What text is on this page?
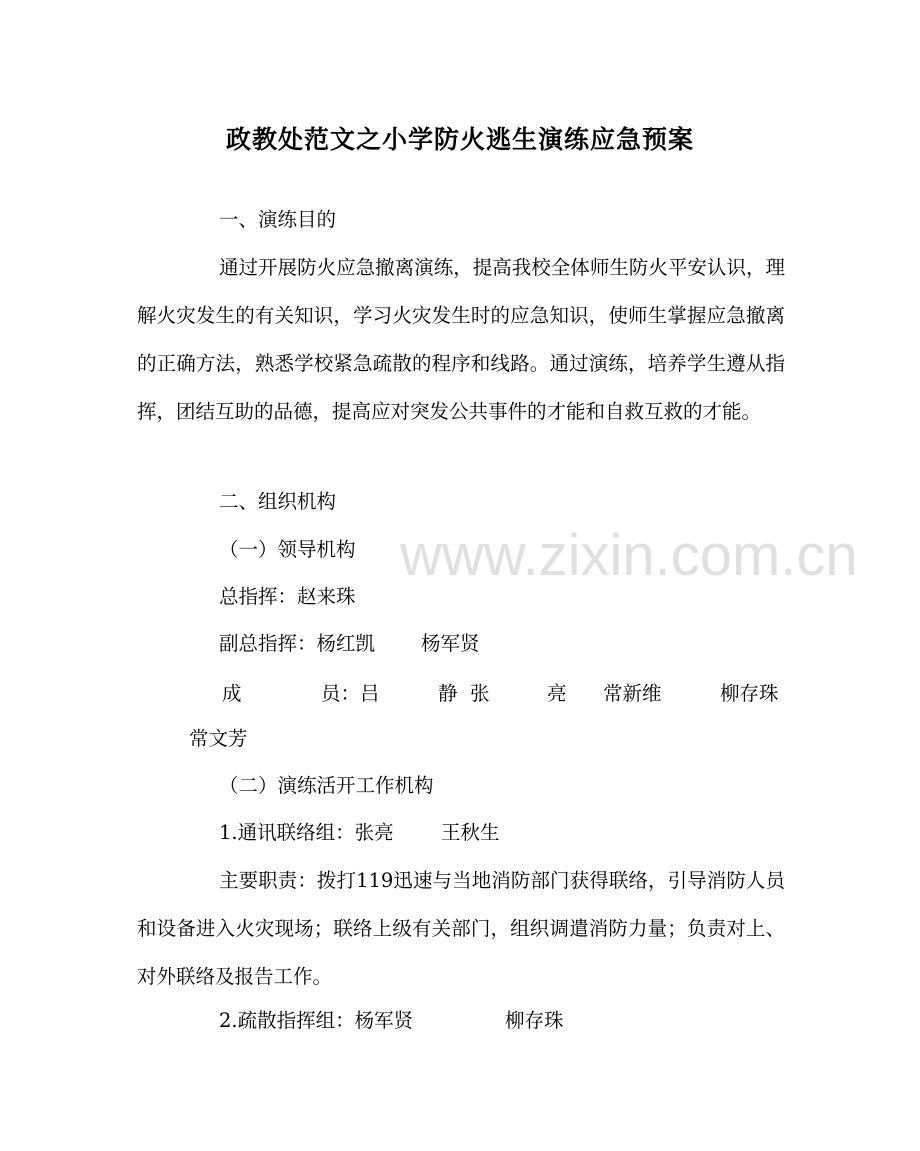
www.zixin.com.cn
政教处范文之小学防火逃生演练应急预案
一、演练目的
通过开展防火应急撤离演练，提高我校全体师生防火平安认识，理解火灾发生的有关知识，学习火灾发生时的应急知识，使师生掌握应急撤离的正确方法，熟悉学校紧急疏散的程序和线路。通过演练，培养学生遵从指挥，团结互助的品德，提高应对突发公共事件的才能和自救互救的才能。
二、组织机构
（一）领导机构
总指挥：赵来珠
副总指挥：杨红凯 杨军贤
成	员：吕	静 张	亮 常新维	柳存珠
常文芳
（二）演练活开工作机构
1.通讯联络组：张亮 王秋生
主要职责：拨打119迅速与当地消防部门获得联络，引导消防人员和设备进入火灾现场；联络上级有关部门，组织调遣消防力量；负责对上、对外联络及报告工作。
2.疏散指挥组：杨军贤	柳存珠
